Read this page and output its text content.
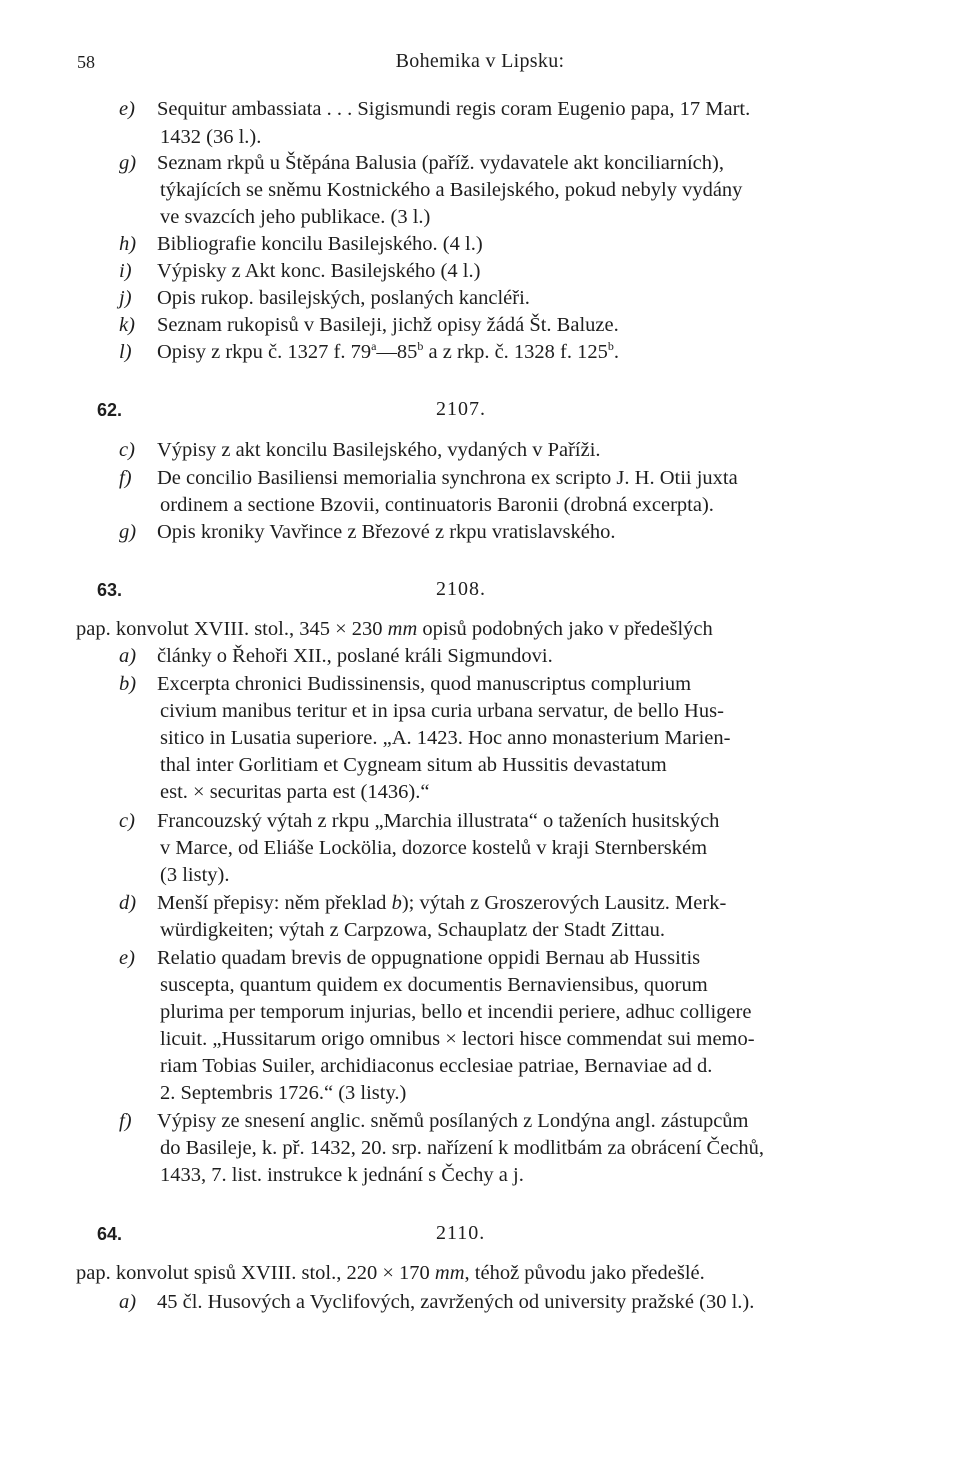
58	Bohemika v Lipsku:
e) Sequitur ambassiata . . . Sigismundi regis coram Eugenio papa, 17 Mart.
1432 (36 l.).
g) Seznam rkpů u Štěpána Balusia (paříž. vydavatele akt konciliarních),
týkajících se sněmu Kostnického a Basilejského, pokud nebyly vydány
ve svazcích jeho publikace. (3 l.)
h) Bibliografie koncilu Basilejského. (4 l.)
i) Výpisky z Akt konc. Basilejského (4 l.)
j) Opis rukop. basilejských, poslaných kancléři.
k) Seznam rukopisů v Basileji, jichž opisy žádá Št. Baluze.
l) Opisy z rkpu č. 1327 f. 79$^a$—85$^b$ a z rkp. č. 1328 f. 125$^b$.
62.	2107.
c) Výpisy z akt koncilu Basilejského, vydaných v Paříži.
f) De concilio Basiliensi memorialia synchrona ex scripto J. H. Otii juxta
ordinem a sectione Bzovii, continuatoris Baronii (drobná excerpta).
g) Opis kroniky Vavřince z Březové z rkpu vratislavského.
63.	2108.
pap. konvolut XVIII. stol., 345 × 230 mm opisů podobných jako v předešlých
a) články o Řehoři XII., poslané králi Sigmundovi.
b) Excerpta chronici Budissinensis, quod manuscriptus complurium
civium manibus teritur et in ipsa curia urbana servatur, de bello Hus-
sitico in Lusatia superiore. „A. 1423. Hoc anno monasterium Marien-
thal inter Gorlitiam et Cygneam situm ab Hussitis devastatum
est. × securitas parta est (1436).“
c) Francouzský výtah z rkpu „Marchia illustrata“ o taženích husitských
v Marce, od Eliáše Lockölia, dozorce kostelů v kraji Sternberském
(3 listy).
d) Menší přepisy: něm překlad b); výtah z Groszerových Lausitz. Merk-
würdigkeiten; výtah z Carpzowa, Schauplatz der Stadt Zittau.
e) Relatio quadam brevis de oppugnatione oppidi Bernau ab Hussitis
suscepta, quantum quidem ex documentis Bernaviensibus, quorum
plurima per temporum injurias, bello et incendii periere, adhuc colligere
licuit. „Hussitarum origo omnibus × lectori hisce commendat sui memo-
riam Tobias Suiler, archidiaconus ecclesiae patriae, Bernaviae ad d.
2. Septembris 1726.“ (3 listy.)
f) Výpisy ze snesení anglic. sněmů posílaných z Londýna angl. zástupcům
do Basileje, k. př. 1432, 20. srp. nařízení k modlitbám za obrácení Čechů,
1433, 7. list. instrukce k jednání s Čechy a j.
64.	2110.
pap. konvolut spisů XVIII. stol., 220 × 170 mm, téhož původu jako předešlé.
a) 45 čl. Husových a Vyclifových, zavržených od university pražské (30 l.).
